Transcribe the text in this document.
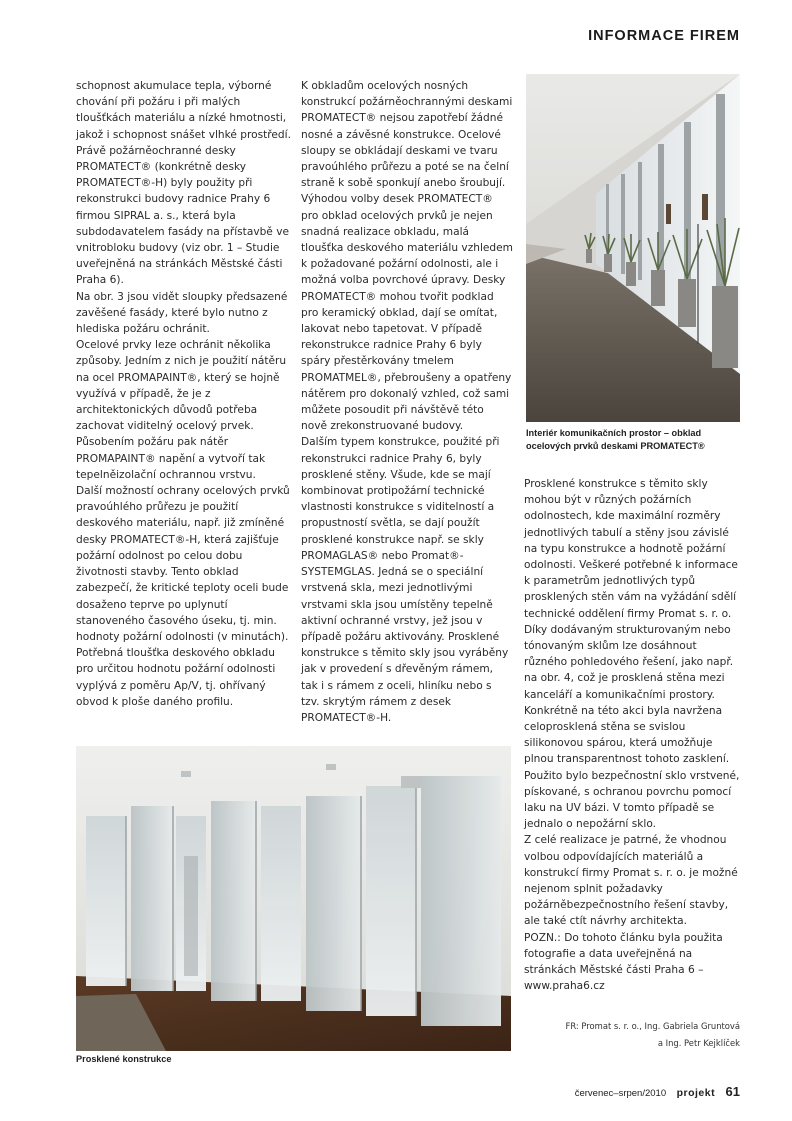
INFORMACE FIREM

schopnost akumulace tepla, výborné chování při požáru i při malých tloušťkách materiálu a nízké hmotnosti, jakož i schopnost snášet vlhké prostředí.

Právě požárněochranné desky PROMATECT® (konkrétně desky PROMATECT®-H) byly použity při rekonstrukci budovy radnice Prahy 6 firmou SIPRAL a. s., která byla subdodavatelem fasády na přístavbě ve vnitrobloku budovy (viz obr. 1 – Studie uveřejněná na stránkách Městské části Praha 6).

Na obr. 3 jsou vidět sloupky předsazené zavěšené fasády, které bylo nutno z hlediska požáru ochránit.

Ocelové prvky leze ochránit několika způsoby. Jedním z nich je použití nátěru na ocel PROMAPAINT®, který se hojně využívá v případě, že je z architektonických důvodů potřeba zachovat viditelný ocelový prvek. Působením požáru pak nátěr PROMAPAINT® napění a vytvoří tak tepelněizolační ochrannou vrstvu.

Další možností ochrany ocelových prvků pravoúhlého průřezu je použití deskového materiálu, např. již zmíněné desky PROMATECT®-H, která zajišťuje požární odolnost po celou dobu životnosti stavby. Tento obklad zabezpečí, že kritické teploty oceli bude dosaženo teprve po uplynutí stanoveného časového úseku, tj. min. hodnoty požární odolnosti (v minutách).

Potřebná tloušťka deskového obkladu pro určitou hodnotu požární odolnosti vyplývá z poměru Ap/V, tj. ohřívaný obvod k ploše daného profilu.

K obkladům ocelových nosných konstrukcí požárněochrannými deskami PROMATECT® nejsou zapotřebí žádné nosné a závěsné konstrukce. Ocelové sloupy se obkládají deskami ve tvaru pravoúhlého průřezu a poté se na čelní straně k sobě sponkují anebo šroubují.

Výhodou volby desek PROMATECT® pro obklad ocelových prvků je nejen snadná realizace obkladu, malá tloušťka deskového materiálu vzhledem k požadované požární odolnosti, ale i možná volba povrchové úpravy. Desky PROMATECT® mohou tvořit podklad pro keramický obklad, dají se omítat, lakovat nebo tapetovat. V případě rekonstrukce radnice Prahy 6 byly spáry přestěrkovány tmelem PROMATMEL®, přebroušeny a opatřeny nátěrem pro dokonalý vzhled, což sami můžete posoudit při návštěvě této nově zrekonstruované budovy.

Dalším typem konstrukce, použité při rekonstrukci radnice Prahy 6, byly prosklené stěny. Všude, kde se mají kombinovat protipožární technické vlastnosti konstrukce s viditelností a propustností světla, se dají použít prosklené konstrukce např. se skly PROMAGLAS® nebo Promat®-SYSTEMGLAS. Jedná se o speciální vrstvená skla, mezi jednotlivými vrstvami skla jsou umístěny tepelně aktivní ochranné vrstvy, jež jsou v případě požáru aktivovány. Prosklené konstrukce s těmito skly jsou vyráběny jak v provedení s dřevěným rámem, tak i s rámem z oceli, hliníku nebo s tzv. skrytým rámem z desek PROMATECT®-H.

Interiér komunikačních prostor – obklad ocelových prvků deskami PROMATECT®

Prosklené konstrukce s těmito skly mohou být v různých požárních odolnostech, kde maximální rozměry jednotlivých tabulí a stěny jsou závislé na typu konstrukce a hodnotě požární odolnosti. Veškeré potřebné k informace k parametrům jednotlivých typů prosklených stěn vám na vyžádání sdělí technické oddělení firmy Promat s. r. o.

Díky dodávaným strukturovaným nebo tónovaným sklům lze dosáhnout různého pohledového řešení, jako např. na obr. 4, což je prosklená stěna mezi kanceláří a komunikačními prostory.

Konkrétně na této akci byla navržena celoprosklená stěna se svislou silikonovou spárou, která umožňuje plnou transparentnost tohoto zasklení. Použito bylo bezpečnostní sklo vrstvené, pískované, s ochranou povrchu pomocí laku na UV bázi. V tomto případě se jednalo o nepožární sklo.

Z celé realizace je patrné, že vhodnou volbou odpovídajících materiálů a konstrukcí firmy Promat s. r. o. je možné nejenom splnit požadavky požárněbezpečnostního řešení stavby, ale také ctít návrhy architekta.

POZN.: Do tohoto článku byla použita fotografie a data uveřejněná na stránkách Městské části Praha 6 – www.praha6.cz

FR: Promat s. r. o., Ing. Gabriela Gruntová
a Ing. Petr Kejklíček
Prosklené konstrukce
červenec–srpen/2010 projekt 61
